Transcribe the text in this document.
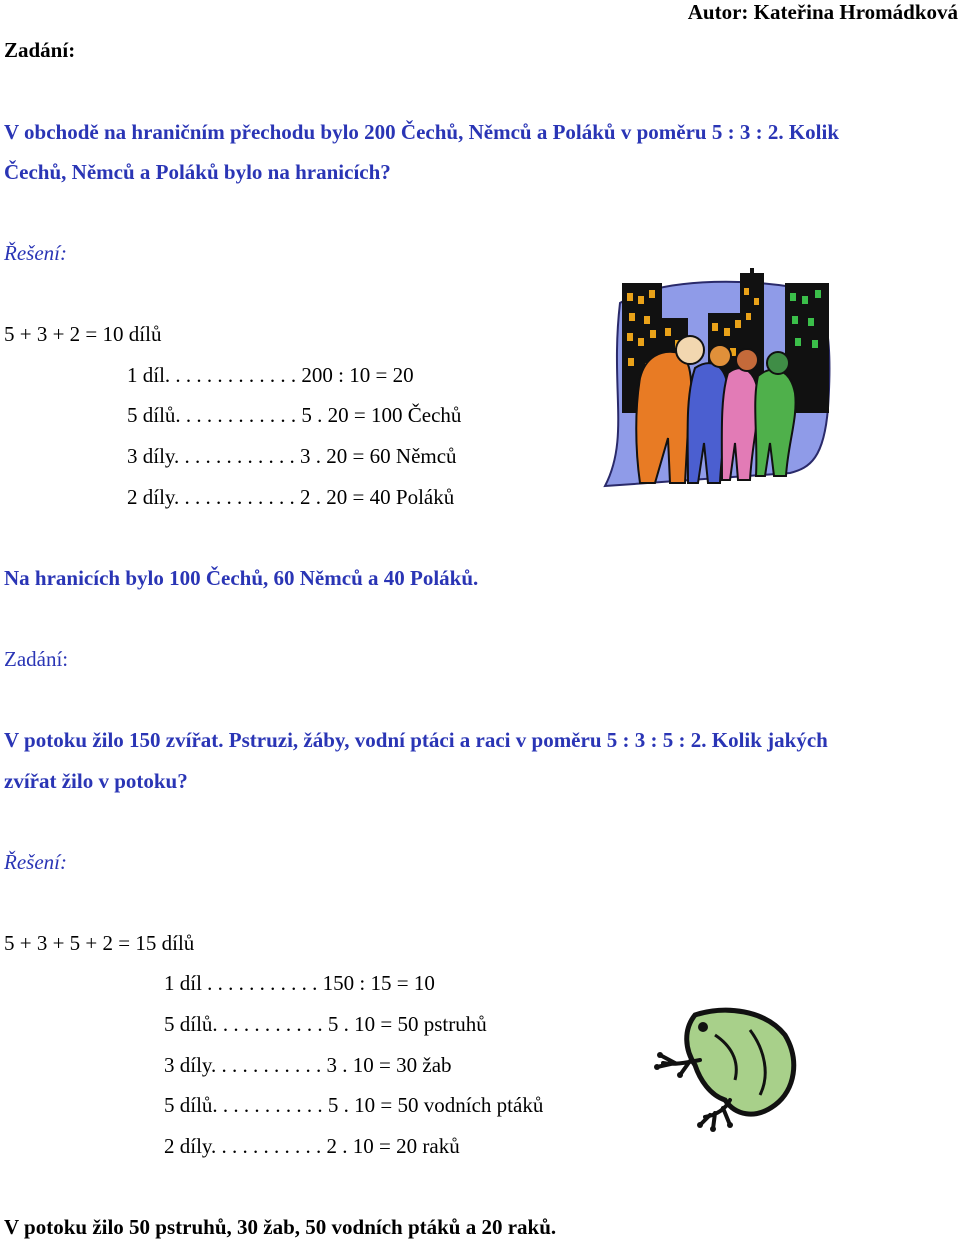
Autor: Kateřina Hromádková
Zadání:
V obchodě na hraničním přechodu bylo 200 Čechů, Němců a Poláků v poměru 5 : 3 : 2. Kolik
Čechů, Němců a Poláků bylo na hranicích?
Řešení:
5 + 3 + 2 = 10 dílů
1 díl. . . . . . . . . . . . . 200 : 10 = 20
5 dílů. . . . . . . . . . . . 5 . 20 = 100 Čechů
3 díly. . . . . . . . . . . . 3 . 20 = 60 Němců
2 díly. . . . . . . . . . . . 2 . 20 = 40 Poláků
Na hranicích bylo 100 Čechů, 60 Němců a 40 Poláků.
Zadání:
V potoku žilo 150 zvířat. Pstruzi, žáby, vodní ptáci a raci v poměru 5 : 3 : 5 : 2. Kolik jakých
zvířat žilo v potoku?
Řešení:
5 + 3 + 5 + 2 = 15 dílů
1 díl . . . . . . . . . . . 150 : 15 = 10
5 dílů. . . . . . . . . . . 5 . 10 = 50 pstruhů
3 díly. . . . . . . . . . . 3 . 10 = 30 žab
5 dílů. . . . . . . . . . . 5 . 10 = 50 vodních ptáků
2 díly. . . . . . . . . . . 2 . 10 = 20 raků
V potoku žilo 50 pstruhů, 30 žab, 50 vodních ptáků a 20 raků.
